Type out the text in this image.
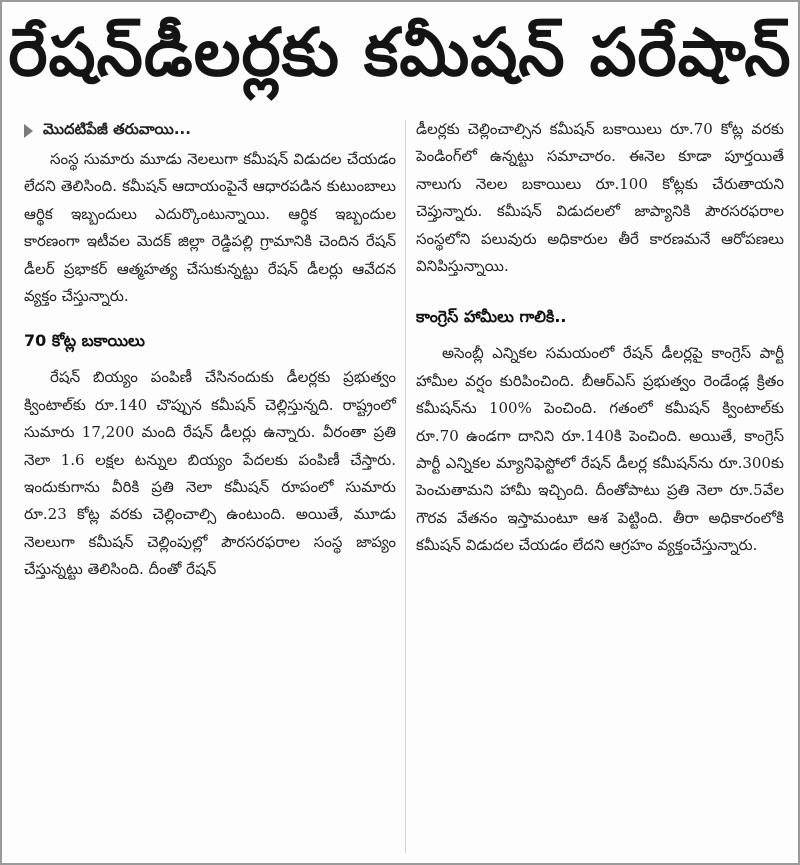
రేషన్‌డీలర్లకు కమీషన్ పరేషాన్
మొదటిపేజీ తరువాయి...

సంస్థ సుమారు మూడు నెలలుగా కమీషన్ విడుదల చేయడం లేదని తెలిసింది. కమీషన్ ఆదాయంపైనే ఆధారపడిన కుటుంబాలు ఆర్థిక ఇబ్బందులు ఎదుర్కొంటున్నాయి. ఆర్థిక ఇబ్బందుల కారణంగా ఇటీవల మెదక్ జిల్లా రెడ్డిపల్లి గ్రామానికి చెందిన రేషన్ డీలర్ ప్రభాకర్ ఆత్మహత్య చేసుకున్నట్టు రేషన్ డీలర్లు ఆవేదన వ్యక్తం చేస్తున్నారు.

70 కోట్ల బకాయిలు

రేషన్ బియ్యం పంపిణీ చేసినందుకు డీలర్లకు ప్రభుత్వం క్వింటాల్‌కు రూ.140 చొప్పున కమీషన్ చెల్లిస్తున్నది. రాష్ట్రంలో సుమారు 17,200 మంది రేషన్ డీలర్లు ఉన్నారు. వీరంతా ప్రతి నెలా 1.6 లక్షల టన్నుల బియ్యం పేదలకు పంపిణీ చేస్తారు. ఇందుకుగాను వీరికి ప్రతి నెలా కమీషన్ రూపంలో సుమారు రూ.23 కోట్ల వరకు చెల్లించాల్సి ఉంటుంది. అయితే, మూడు నెలలుగా కమీషన్ చెల్లింపుల్లో పౌరసరఫరాల సంస్థ జాప్యం చేస్తున్నట్టు తెలిసింది. దీంతో రేషన్

డీలర్లకు చెల్లించాల్సిన కమీషన్ బకాయిలు రూ.70 కోట్ల వరకు పెండింగ్‌లో ఉన్నట్టు సమాచారం. ఈనెల కూడా పూర్తయితే నాలుగు నెలల బకాయిలు రూ.100 కోట్లకు చేరుతాయని చెప్తున్నారు. కమీషన్ విడుదలలో జాప్యానికి పౌరసరఫరాల సంస్థలోని పలువురు అధికారుల తీరే కారణమనే ఆరోపణలు వినిపిస్తున్నాయి.

కాంగ్రెస్ హామీలు గాలికి..

అసెంబ్లీ ఎన్నికల సమయంలో రేషన్ డీలర్లపై కాంగ్రెస్ పార్టీ హామీల వర్షం కురిపించింది. బీఆర్ఎస్ ప్రభుత్వం రెండేండ్ల క్రితం కమీషన్‌ను 100% పెంచింది. గతంలో కమీషన్ క్వింటాల్‌కు రూ.70 ఉండగా దానిని రూ.140కి పెంచింది. అయితే, కాంగ్రెస్ పార్టీ ఎన్నికల మ్యానిఫెస్టోలో రేషన్ డీలర్ల కమీషన్‌ను రూ.300కు పెంచుతామని హామీ ఇచ్చింది. దీంతోపాటు ప్రతి నెలా రూ.5వేల గౌరవ వేతనం ఇస్తామంటూ ఆశ పెట్టింది. తీరా అధికారంలోకి కమీషన్ విడుదల చేయడం లేదని ఆగ్రహం వ్యక్తంచేస్తున్నారు.
